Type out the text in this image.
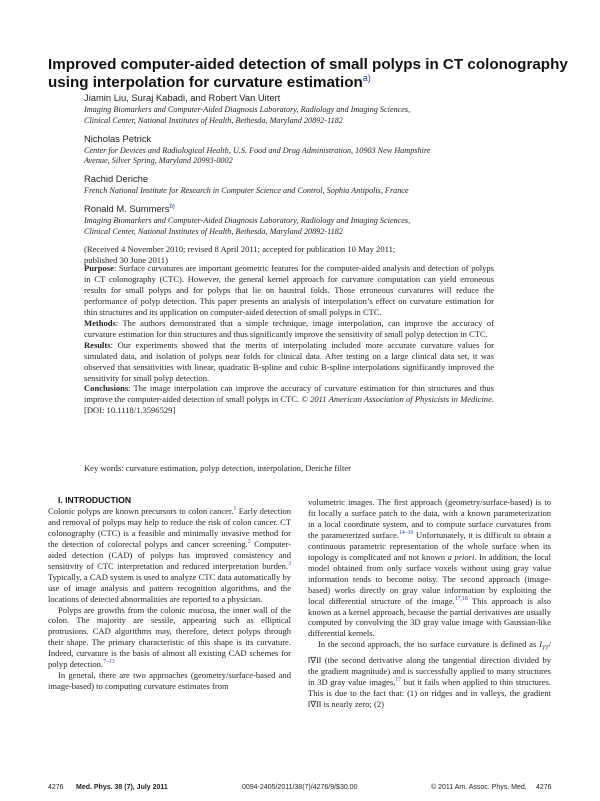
Improved computer-aided detection of small polyps in CT colonography using interpolation for curvature estimation$^{a)}$

Jiamin Liu, Suraj Kabadi, and Robert Van Uitert

Imaging Biomarkers and Computer-Aided Diagnosis Laboratory, Radiology and Imaging Sciences,
Clinical Center, National Institutes of Health, Bethesda, Maryland 20892-1182

Nicholas Petrick

Center for Devices and Radiological Health, U.S. Food and Drug Administration, 10903 New Hampshire
Avenue, Silver Spring, Maryland 20993-0002

Rachid Deriche

French National Institute for Research in Computer Science and Control, Sophia Antipolis, France

Ronald M. Summers$^{b)}$

Imaging Biomarkers and Computer-Aided Diagnosis Laboratory, Radiology and Imaging Sciences,
Clinical Center, National Institutes of Health, Bethesda, Maryland 20892-1182

(Received 4 November 2010; revised 8 April 2011; accepted for publication 10 May 2011;
published 30 June 2011)

Purpose: Surface curvatures are important geometric features for the computer-aided analysis and detection of polyps in CT colonography (CTC). However, the general kernel approach for curvature computation can yield erroneous results for small polyps and for polyps that lie on haustral folds. Those erroneous curvatures will reduce the performance of polyp detection. This paper presents an analysis of interpolation’s effect on curvature estimation for thin structures and its application on computer-aided detection of small polyps in CTC.

Methods: The authors demonstrated that a simple technique, image interpolation, can improve the accuracy of curvature estimation for thin structures and thus significantly improve the sensitivity of small polyp detection in CTC.

Results: Our experiments showed that the merits of interpolating included more accurate curvature values for simulated data, and isolation of polyps near folds for clinical data. After testing on a large clinical data set, it was observed that sensitivities with linear, quadratic B-spline and cubic B-spline interpolations significantly improved the sensitivity for small polyp detection.

Conclusions: The image interpolation can improve the accuracy of curvature estimation for thin structures and thus improve the computer-aided detection of small polyps in CTC. © 2011 American Association of Physicists in Medicine. [DOI: 10.1118/1.3596529]

Key words: curvature estimation, polyp detection, interpolation, Deriche filter

I. INTRODUCTION

Colonic polyps are known precursors to colon cancer.$^1$ Early detection and removal of polyps may help to reduce the risk of colon cancer. CT colonography (CTC) is a feasible and minimally invasive method for the detection of colorectal polyps and cancer screening.$^2$ Computer-aided detection (CAD) of polyps has improved consistency and sensitivity of CTC interpretation and reduced interpretation burden.$^3$ Typically, a CAD system is used to analyze CTC data automatically by use of image analysis and pattern recognition algorithms, and the locations of detected abnormalities are reported to a physician.

Polyps are growths from the colonic mucosa, the inner wall of the colon. The majority are sessile, appearing such as elliptical protrusions. CAD algorithms may, therefore, detect polyps through their shape. The primary characteristic of this shape is its curvature. Indeed, curvature is the basis of almost all existing CAD schemes for polyp detection.$^{7-13}$

In general, there are two approaches (geometry/surface-based and image-based) to computing curvature estimates from

volumetric images. The first approach (geometry/surface-based) is to fit locally a surface patch to the data, with a known parameterization in a local coordinate system, and to compute surface curvatures from the parameterized surface.$^{14-16}$ Unfortunately, it is difficult to obtain a continuous parametric representation of the whole surface when its topology is complicated and not known a priori. In addition, the local model obtained from only surface voxels without using gray value information tends to become noisy. The second approach (image-based) works directly on gray value information by exploiting the local differential structure of the image.$^{17,18}$ This approach is also known as a kernel approach, because the partial derivatives are usually computed by convolving the 3D gray value image with Gaussian-like differential kernels.

In the second approach, the iso surface curvature is defined as $I_{TT}/‖\nabla I‖$ (the second derivative along the tangential direction divided by the gradient magnitude) and is successfully applied to many structures in 3D gray value images,$^{17}$ but it fails when applied to thin structures. This is due to the fact that: (1) on ridges and in valleys, the gradient ‖∇I‖ is nearly zero; (2)

4276 Med. Phys. 38 (7), July 2011	0094-2405/2011/38(7)/4276/9/$30.00	© 2011 Am. Assoc. Phys. Med. 4276
